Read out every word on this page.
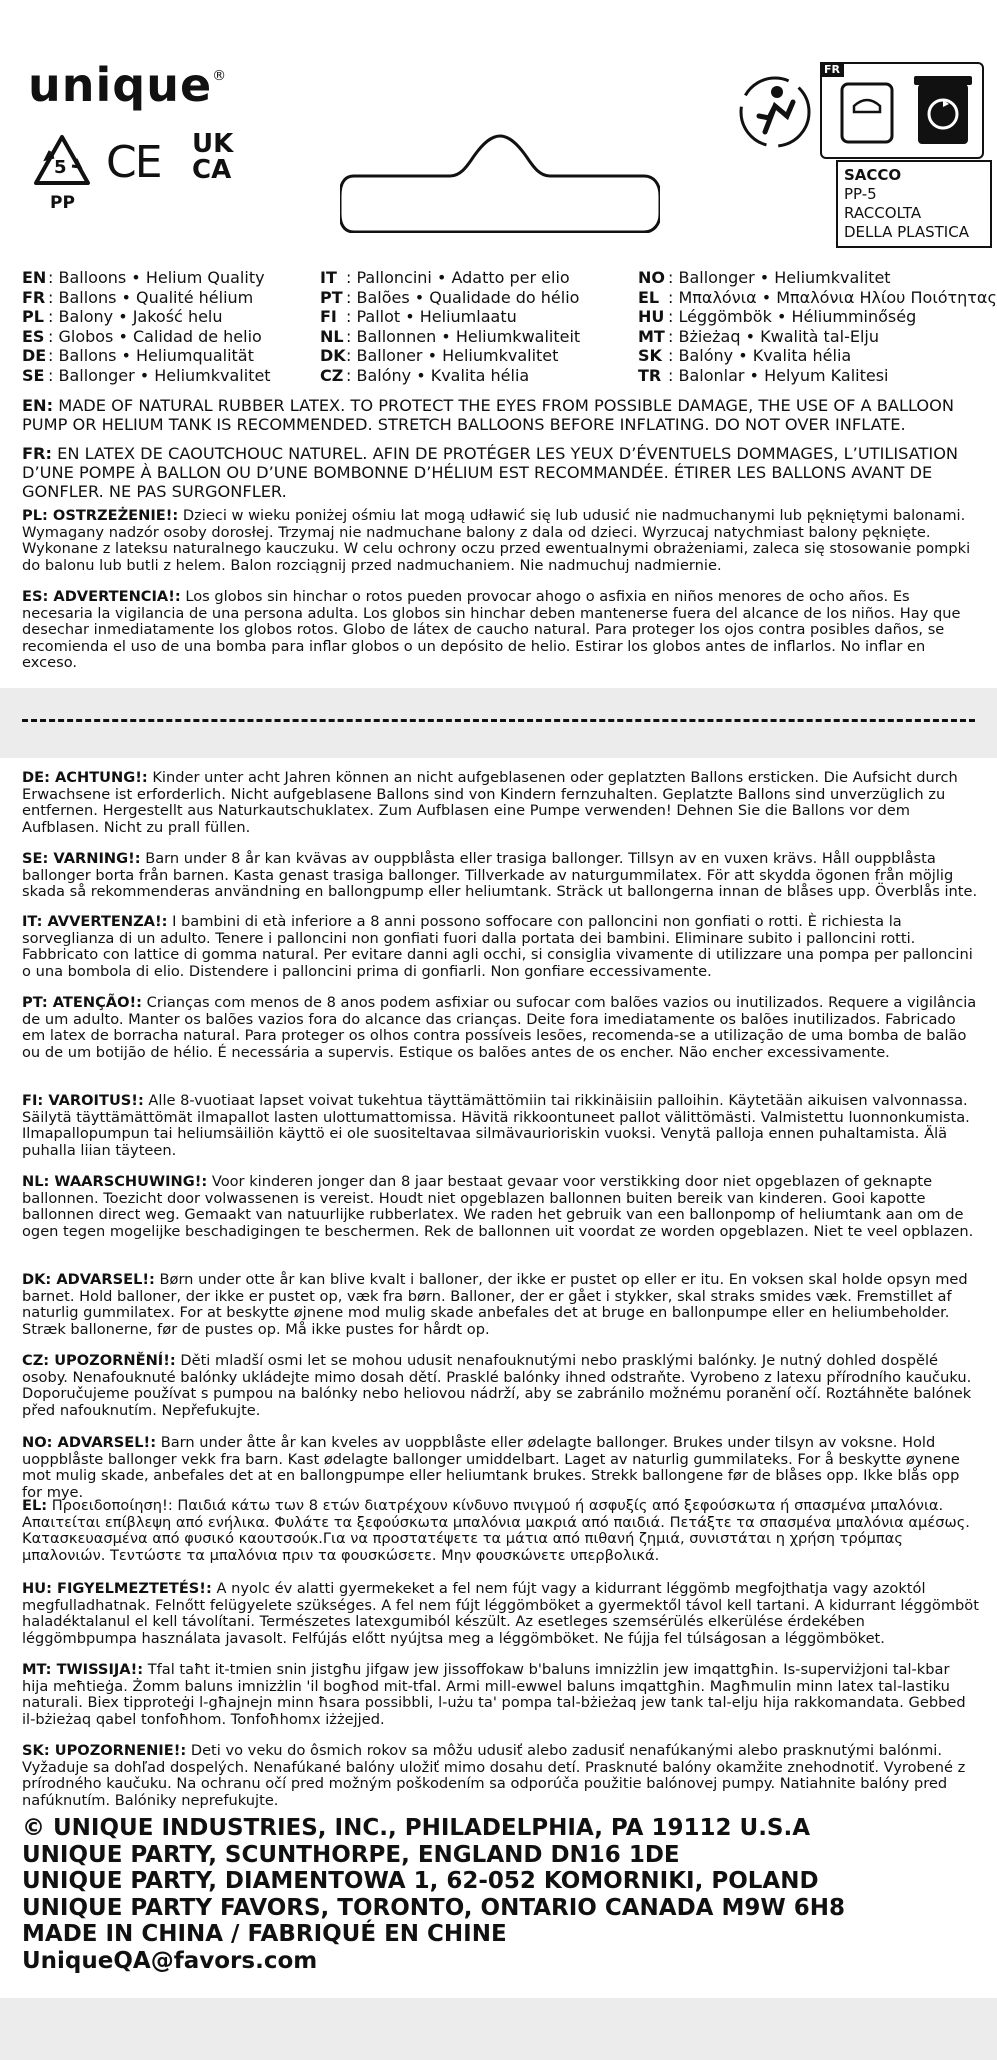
unique®
5
PP
CE UK
CA
FR
SACCO
PP-5
RACCOLTA
DELLA PLASTICA
EN : Balloons • Helium Quality
FR : Ballons • Qualité hélium
PL : Balony • Jakość helu
ES : Globos • Calidad de helio
DE : Ballons • Heliumqualität
SE : Ballonger • Heliumkvalitet
IT : Palloncini • Adatto per elio
PT : Balões • Qualidade do hélio
FI : Pallot • Heliumlaatu
NL : Ballonnen • Heliumkwaliteit
DK: Balloner • Heliumkvalitet
CZ : Balóny • Kvalita hélia
NO : Ballonger • Heliumkvalitet
EL : Μπαλόνια • Μπαλόνια Ηλίου Ποιότητας
HU : Léggömbök • Héliumminőség
MT : Bżieżaq • Kwalità tal-Elju
SK : Balóny • Kvalita hélia
TR : Balonlar • Helyum Kalitesi
EN: MADE OF NATURAL RUBBER LATEX. TO PROTECT THE EYES FROM POSSIBLE DAMAGE, THE USE OF A BALLOON PUMP OR HELIUM TANK IS RECOMMENDED. STRETCH BALLOONS BEFORE INFLATING. DO NOT OVER INFLATE.
FR: EN LATEX DE CAOUTCHOUC NATUREL. AFIN DE PROTÉGER LES YEUX D’ÉVENTUELS DOMMAGES, L’UTILISATION D’UNE POMPE À BALLON OU D’UNE BOMBONNE D’HÉLIUM EST RECOMMANDÉE. ÉTIRER LES BALLONS AVANT DE GONFLER. NE PAS SURGONFLER.
PL: OSTRZEŻENIE!: Dzieci w wieku poniżej ośmiu lat mogą udławić się lub udusić nie nadmuchanymi lub pękniętymi balonami. Wymagany nadzór osoby dorosłej. Trzymaj nie nadmuchane balony z dala od dzieci. Wyrzucaj natychmiast balony pęknięte. Wykonane z lateksu naturalnego kauczuku. W celu ochrony oczu przed ewentualnymi obrażeniami, zaleca się stosowanie pompki do balonu lub butli z helem. Balon rozciągnij przed nadmuchaniem. Nie nadmuchuj nadmiernie.
ES: ADVERTENCIA!: Los globos sin hinchar o rotos pueden provocar ahogo o asfixia en niños menores de ocho años. Es necesaria la vigilancia de una persona adulta. Los globos sin hinchar deben mantenerse fuera del alcance de los niños. Hay que desechar inmediatamente los globos rotos. Globo de látex de caucho natural. Para proteger los ojos contra posibles daños, se recomienda el uso de una bomba para inflar globos o un depósito de helio. Estirar los globos antes de inflarlos. No inflar en exceso.
DE: ACHTUNG!: Kinder unter acht Jahren können an nicht aufgeblasenen oder geplatzten Ballons ersticken. Die Aufsicht durch Erwachsene ist erforderlich. Nicht aufgeblasene Ballons sind von Kindern fernzuhalten. Geplatzte Ballons sind unverzüglich zu entfernen. Hergestellt aus Naturkautschuklatex. Zum Aufblasen eine Pumpe verwenden! Dehnen Sie die Ballons vor dem Aufblasen. Nicht zu prall füllen.
SE: VARNING!: Barn under 8 år kan kvävas av ouppblåsta eller trasiga ballonger. Tillsyn av en vuxen krävs. Håll ouppblåsta ballonger borta från barnen. Kasta genast trasiga ballonger. Tillverkade av naturgummilatex. För att skydda ögonen från möjlig skada så rekommenderas användning en ballongpump eller heliumtank. Sträck ut ballongerna innan de blåses upp. Överblås inte.
IT: AVVERTENZA!: I bambini di età inferiore a 8 anni possono soffocare con palloncini non gonfiati o rotti. È richiesta la sorveglianza di un adulto. Tenere i palloncini non gonfiati fuori dalla portata dei bambini. Eliminare subito i palloncini rotti. Fabbricato con lattice di gomma natural. Per evitare danni agli occhi, si consiglia vivamente di utilizzare una pompa per palloncini o una bombola di elio. Distendere i palloncini prima di gonfiarli. Non gonfiare eccessivamente.
PT: ATENÇÃO!: Crianças com menos de 8 anos podem asfixiar ou sufocar com balões vazios ou inutilizados. Requere a vigilância de um adulto. Manter os balões vazios fora do alcance das crianças. Deite fora imediatamente os balões inutilizados. Fabricado em latex de borracha natural. Para proteger os olhos contra possíveis lesões, recomenda-se a utilização de uma bomba de balão ou de um botijão de hélio. É necessária a supervis. Estique os balões antes de os encher. Não encher excessivamente.
FI: VAROITUS!: Alle 8-vuotiaat lapset voivat tukehtua täyttämättömiin tai rikkinäisiin palloihin. Käytetään aikuisen valvonnassa. Säilytä täyttämättömät ilmapallot lasten ulottumattomissa. Hävitä rikkoontuneet pallot välittömästi. Valmistettu luonnonkumista. Ilmapallopumpun tai heliumsäiliön käyttö ei ole suositeltavaa silmävaurioriskin vuoksi. Venytä palloja ennen puhaltamista. Älä puhalla liian täyteen.
NL: WAARSCHUWING!: Voor kinderen jonger dan 8 jaar bestaat gevaar voor verstikking door niet opgeblazen of geknapte ballonnen. Toezicht door volwassenen is vereist. Houdt niet opgeblazen ballonnen buiten bereik van kinderen. Gooi kapotte ballonnen direct weg. Gemaakt van natuurlijke rubberlatex. We raden het gebruik van een ballonpomp of heliumtank aan om de ogen tegen mogelijke beschadigingen te beschermen. Rek de ballonnen uit voordat ze worden opgeblazen. Niet te veel opblazen.
DK: ADVARSEL!: Børn under otte år kan blive kvalt i balloner, der ikke er pustet op eller er itu. En voksen skal holde opsyn med barnet. Hold balloner, der ikke er pustet op, væk fra børn. Balloner, der er gået i stykker, skal straks smides væk. Fremstillet af naturlig gummilatex. For at beskytte øjnene mod mulig skade anbefales det at bruge en ballonpumpe eller en heliumbeholder. Stræk ballonerne, før de pustes op. Må ikke pustes for hårdt op.
CZ: UPOZORNĚNÍ!: Děti mladší osmi let se mohou udusit nenafouknutými nebo prasklými balónky. Je nutný dohled dospělé osoby. Nenafouknuté balónky ukládejte mimo dosah dětí. Prasklé balónky ihned odstraňte. Vyrobeno z latexu přírodního kaučuku. Doporučujeme používat s pumpou na balónky nebo heliovou nádrží, aby se zabránilo možnému poranění očí. Roztáhněte balónek před nafouknutím. Nepřefukujte.
NO: ADVARSEL!: Barn under åtte år kan kveles av uoppblåste eller ødelagte ballonger. Brukes under tilsyn av voksne. Hold uoppblåste ballonger vekk fra barn. Kast ødelagte ballonger umiddelbart. Laget av naturlig gummilateks. For å beskytte øynene mot mulig skade, anbefales det at en ballongpumpe eller heliumtank brukes. Strekk ballongene før de blåses opp. Ikke blås opp for mye.
EL: Προειδοποίηση!: Παιδιά κάτω των 8 ετών διατρέχουν κίνδυνο πνιγμού ή ασφυξίς από ξεφούσκωτα ή σπασμένα μπαλόνια. Απαιτείται επίβλεψη από ενήλικα. Φυλάτε τα ξεφούσκωτα μπαλόνια μακριά από παιδιά. Πετάξτε τα σπασμένα μπαλόνια αμέσως. Κατασκευασμένα από φυσικό καουτσούκ.Για να προστατέψετε τα μάτια από πιθανή ζημιά, συνιστάται η χρήση τρόμπας μπαλονιών. Τεντώστε τα μπαλόνια πριν τα φουσκώσετε. Μην φουσκώνετε υπερβολικά.
HU: FIGYELMEZTETÉS!: A nyolc év alatti gyermekeket a fel nem fújt vagy a kidurrant léggömb megfojthatja vagy azoktól megfulladhatnak. Felnőtt felügyelete szükséges. A fel nem fújt léggömböket a gyermektől távol kell tartani. A kidurrant léggömböt haladéktalanul el kell távolítani. Természetes latexgumiból készült. Az esetleges szemsérülés elkerülése érdekében léggömbpumpa használata javasolt. Felfújás előtt nyújtsa meg a léggömböket. Ne fújja fel túlságosan a léggömböket.
MT: TWISSIJA!: Tfal taħt it-tmien snin jistgħu jifgaw jew jissoffokaw b'baluns imnizżlin jew imqattgħin. Is-superviżjoni tal-kbar hija meħtieġa. Żomm baluns imnizżlin 'il bogħod mit-tfal. Armi mill-ewwel baluns imqattgħin. Magħmulin minn latex tal-lastiku naturali. Biex tipproteġi l-għajnejn minn ħsara possibbli, l-użu ta' pompa tal-bżieżaq jew tank tal-elju hija rakkomandata. Gebbed il-bżieżaq qabel tonfoħhom. Tonfoħhomx iżżejjed.
SK: UPOZORNENIE!: Deti vo veku do ôsmich rokov sa môžu udusiť alebo zadusiť nenafúkanými alebo prasknutými balónmi. Vyžaduje sa dohľad dospelých. Nenafúkané balóny uložiť mimo dosahu detí. Prasknuté balóny okamžite znehodnotiť. Vyrobené z prírodného kaučuku. Na ochranu očí pred možným poškodením sa odporúča použitie balónovej pumpy. Natiahnite balóny pred nafúknutím. Balóniky neprefukujte.
© UNIQUE INDUSTRIES, INC., PHILADELPHIA, PA 19112 U.S.A
UNIQUE PARTY, SCUNTHORPE, ENGLAND DN16 1DE
UNIQUE PARTY, DIAMENTOWA 1, 62-052 KOMORNIKI, POLAND
UNIQUE PARTY FAVORS, TORONTO, ONTARIO CANADA M9W 6H8
MADE IN CHINA / FABRIQUÉ EN CHINE
UniqueQA@favors.com
